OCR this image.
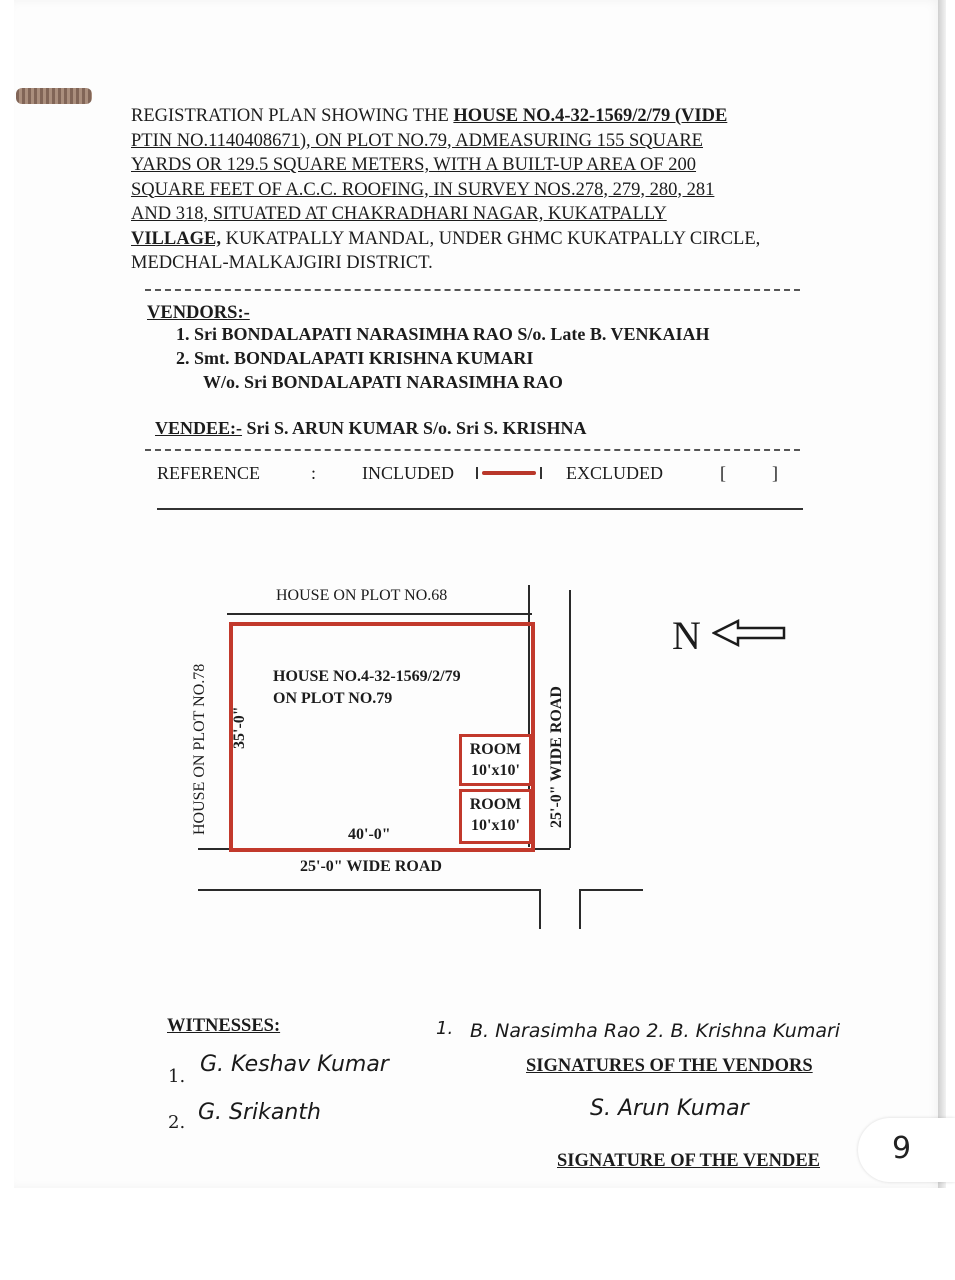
REGISTRATION PLAN SHOWING THE HOUSE NO.4-32-1569/2/79 (VIDE
PTIN NO.1140408671), ON PLOT NO.79, ADMEASURING 155 SQUARE
YARDS OR 129.5 SQUARE METERS, WITH A BUILT-UP AREA OF 200
SQUARE FEET OF A.C.C. ROOFING, IN SURVEY NOS.278, 279, 280, 281
AND 318, SITUATED AT CHAKRADHARI NAGAR, KUKATPALLY
VILLAGE, KUKATPALLY MANDAL, UNDER GHMC KUKATPALLY CIRCLE,
MEDCHAL-MALKAJGIRI DISTRICT.
VENDORS:-
1. Sri BONDALAPATI NARASIMHA RAO S/o. Late B. VENKAIAH
2. Smt. BONDALAPATI KRISHNA KUMARI
W/o. Sri BONDALAPATI NARASIMHA RAO
VENDEE:- Sri S. ARUN KUMAR S/o. Sri S. KRISHNA
REFERENCE	:	INCLUDED	EXCLUDED	[	]
HOUSE ON PLOT NO.68
HOUSE ON PLOT NO.78	HOUSE NO.4-32-1569/2/79
ON PLOT NO.79
35'-0"
40'-0"
ROOM
10'x10'
ROOM
10'x10'	25'-0" WIDE ROAD
25'-0" WIDE ROAD
N
WITNESSES:
1. G. Keshav Kumar
2. G. Srikanth
1. B. Narasimha Rao 2. B. Krishna Kumari
SIGNATURES OF THE VENDORS
S. Arun Kumar
SIGNATURE OF THE VENDEE 9
